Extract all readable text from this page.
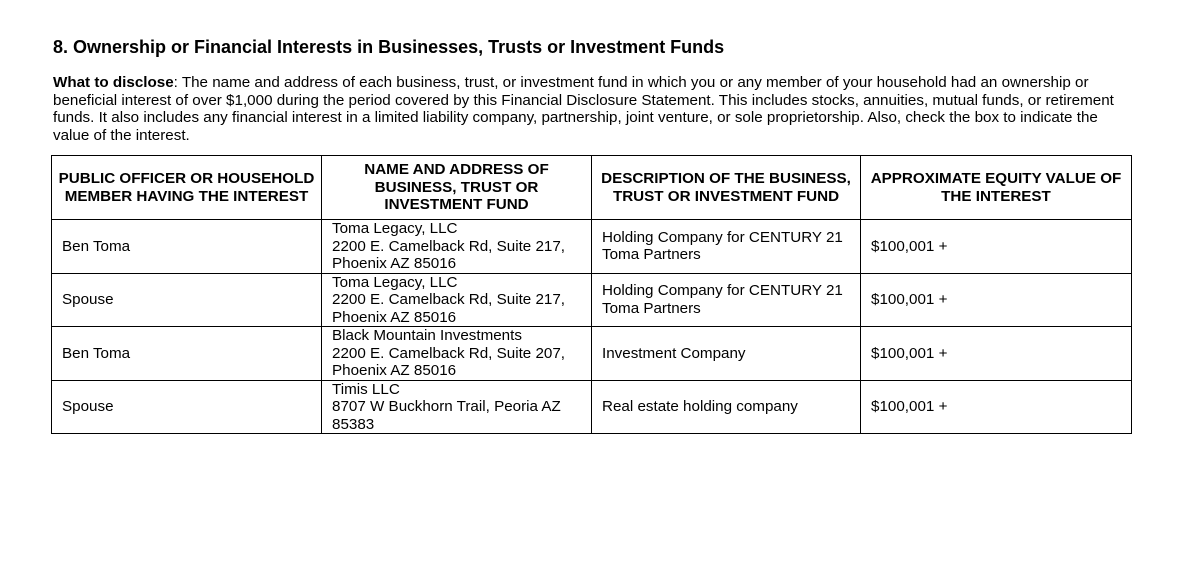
8. Ownership or Financial Interests in Businesses, Trusts or Investment Funds

What to disclose: The name and address of each business, trust, or investment fund in which you or any member of your household had an ownership or
beneficial interest of over $1,000 during the period covered by this Financial Disclosure Statement. This includes stocks, annuities, mutual funds, or retirement
funds. It also includes any financial interest in a limited liability company, partnership, joint venture, or sole proprietorship. Also, check the box to indicate the
value of the interest.

PUBLIC OFFICER OR HOUSEHOLD
MEMBER HAVING THE INTEREST	NAME AND ADDRESS OF
BUSINESS, TRUST OR
INVESTMENT FUND	DESCRIPTION OF THE BUSINESS,
TRUST OR INVESTMENT FUND	APPROXIMATE EQUITY VALUE OF
THE INTEREST

Ben Toma	Toma Legacy, LLC
2200 E. Camelback Rd, Suite 217,
Phoenix AZ 85016	Holding Company for CENTURY 21
Toma Partners	$100,001 +
Spouse	Toma Legacy, LLC
2200 E. Camelback Rd, Suite 217,
Phoenix AZ 85016	Holding Company for CENTURY 21
Toma Partners	$100,001 +
Ben Toma	Black Mountain Investments
2200 E. Camelback Rd, Suite 207,
Phoenix AZ 85016	Investment Company	$100,001 +
Spouse	Timis LLC
8707 W Buckhorn Trail, Peoria AZ
85383	Real estate holding company	$100,001 +
